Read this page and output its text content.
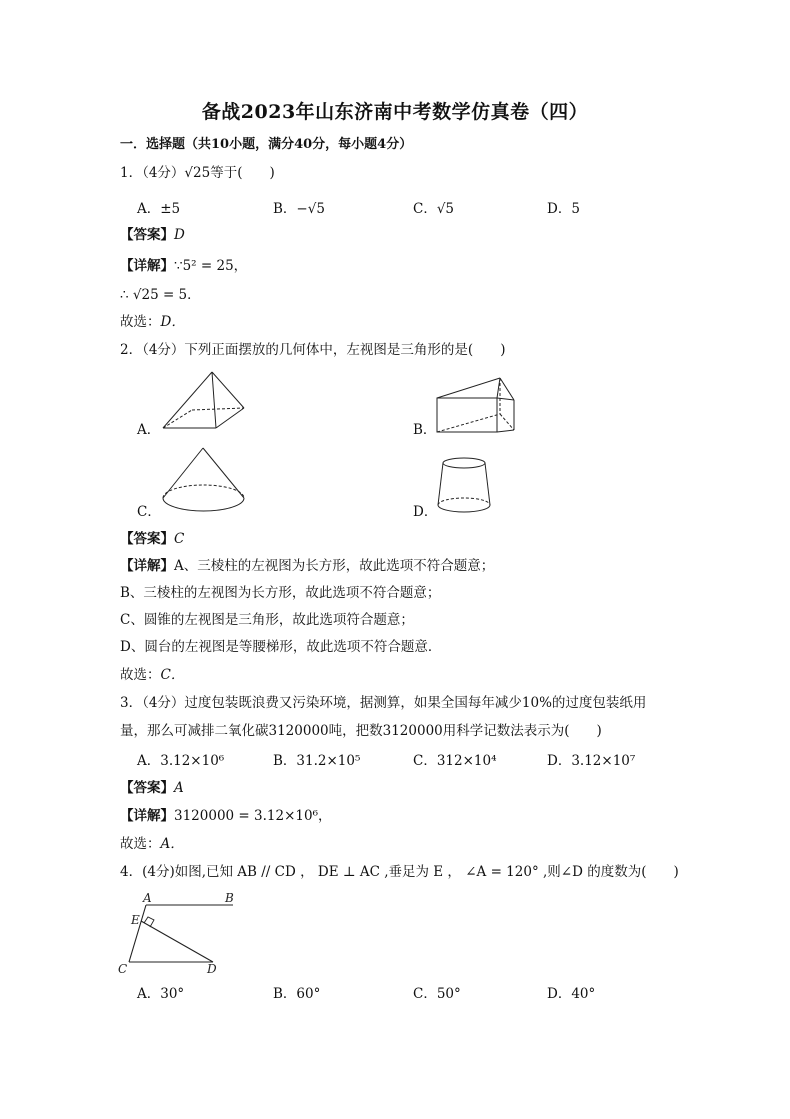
备战2023年山东济南中考数学仿真卷（四）
一．选择题（共10小题，满分40分，每小题4分）
1．（4分）√25等于(　　)
A．±5	B．−√5	C．√5	D．5
【答案】D
【详解】∵5² = 25，
∴ √25 = 5．
故选：D．
2．（4分）下列正面摆放的几何体中，左视图是三角形的是(　　)
A．	B．
C．	D．
【答案】C
【详解】A、三棱柱的左视图为长方形，故此选项不符合题意；
B、三棱柱的左视图为长方形，故此选项不符合题意；
C、圆锥的左视图是三角形，故此选项符合题意；
D、圆台的左视图是等腰梯形，故此选项不符合题意．
故选：C．
3．（4分）过度包装既浪费又污染环境，据测算，如果全国每年减少10%的过度包装纸用
量，那么可减排二氧化碳3120000吨，把数3120000用科学记数法表示为(　　)
A．3.12×10⁶	B．31.2×10⁵	C．312×10⁴	D．3.12×10⁷
【答案】A
【详解】3120000 = 3.12×10⁶，
故选：A．
4．(4分)如图,已知 AB // CD ， DE ⊥ AC ,垂足为 E ， ∠A = 120° ,则∠D 的度数为(　　)
A	B
E
C	D
A．30°	B．60°	C．50°	D．40°
